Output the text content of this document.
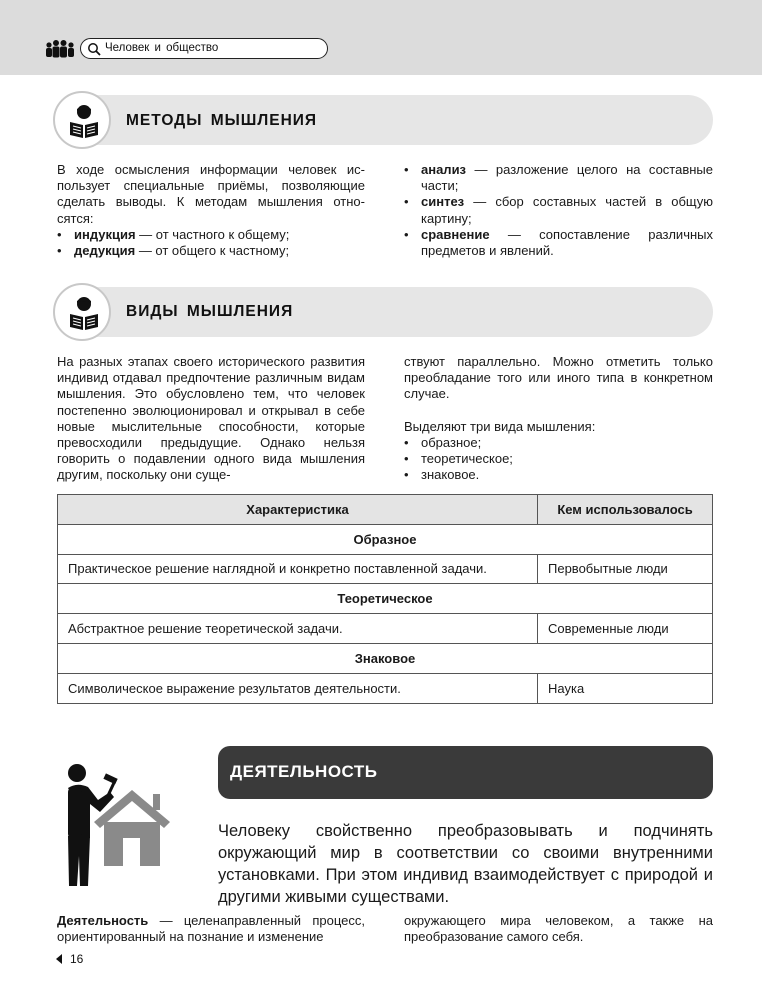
Человек и общество
МЕТОДЫ МЫШЛЕНИЯ

В ходе осмысления информации человек ис-

пользует специальные приёмы, позволяющие

сделать выводы. К методам мышления отно-

сятся:

• индукция — от частного к общему;
• дедукция — от общего к частному;
• анализ — разложение целого на составные части;
• синтез — сбор составных частей в общую картину;
• сравнение — сопоставление различных предметов и явлений.
ВИДЫ МЫШЛЕНИЯ
На разных этапах своего исторического развития индивид отдавал предпочтение различным видам мышления. Это обусловлено тем, что человек постепенно эволюционировал и открывал в себе новые мыслительные способности, которые превосходили предыдущие. Однако нельзя говорить о подавлении одного вида мышления другим, поскольку они суще-

ствуют параллельно. Можно отметить только преобладание того или иного типа в конкретном случае.

Выделяют три вида мышления:

• образное;
• теоретическое;
• знаковое.
Характеристика	Кем использовалось
Образное	
Практическое решение наглядной и конкретно поставленной задачи.	Первобытные люди
Теоретическое	
Абстрактное решение теоретической задачи.	Современные люди
Знаковое	
Символическое выражение результатов деятельности.	Наука
ДЕЯТЕЛЬНОСТЬ
Человеку свойственно преобразовывать и подчинять окружающий мир в соответствии со своими внутренними установками. При этом индивид взаимодействует с природой и другими живыми существами.
Деятельность — целенаправленный процесс, ориентированный на познание и изменение
окружающего мира человеком, а также на преобразование самого себя.
16
